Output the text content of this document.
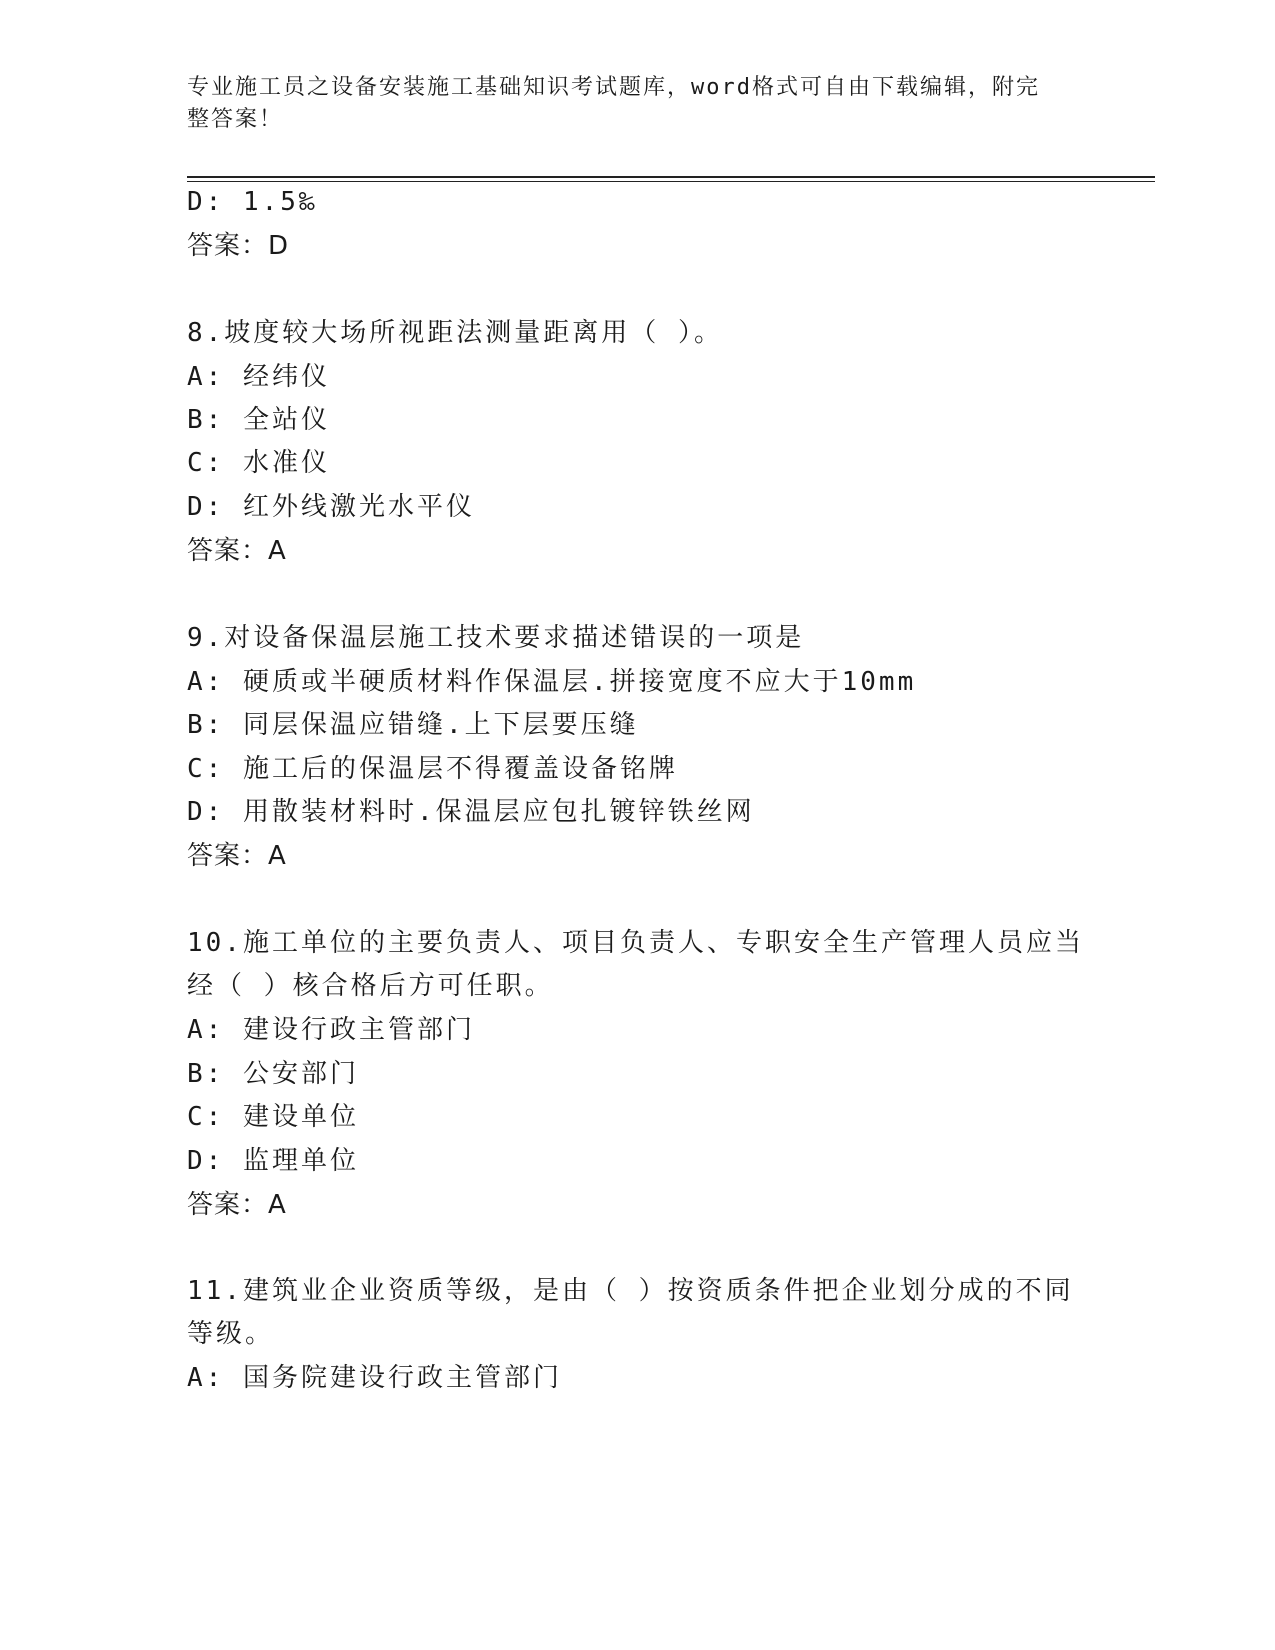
专业施工员之设备安装施工基础知识考试题库，word格式可自由下载编辑，附完
整答案！
D: 1.5‰
答案：D
8.坡度较大场所视距法测量距离用（ ）。
A: 经纬仪
B: 全站仪
C: 水准仪
D: 红外线激光水平仪
答案：A
9.对设备保温层施工技术要求描述错误的一项是
A: 硬质或半硬质材料作保温层.拼接宽度不应大于10mm
B: 同层保温应错缝.上下层要压缝
C: 施工后的保温层不得覆盖设备铭牌
D: 用散装材料时.保温层应包扎镀锌铁丝网
答案：A
10.施工单位的主要负责人、项目负责人、专职安全生产管理人员应当
经（ ）核合格后方可任职。
A: 建设行政主管部门
B: 公安部门
C: 建设单位
D: 监理单位
答案：A
11.建筑业企业资质等级，是由（ ）按资质条件把企业划分成的不同
等级。
A: 国务院建设行政主管部门
